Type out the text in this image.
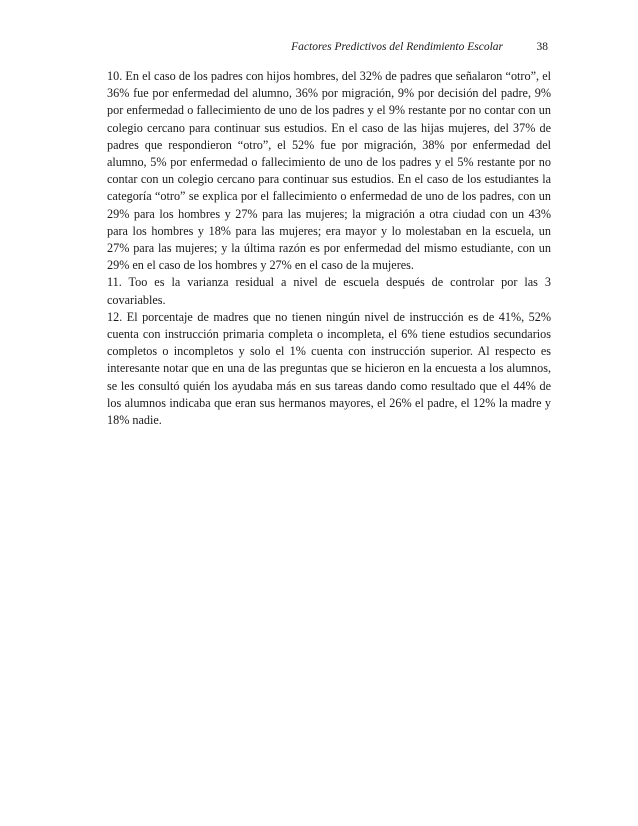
Factores Predictivos del Rendimiento Escolar	38

10. En el caso de los padres con hijos hombres, del 32% de padres que señalaron “otro”, el 36% fue por enfermedad del alumno, 36% por migración, 9% por decisión del padre, 9% por enfermedad o fallecimiento de uno de los padres y el 9% restante por no contar con un colegio cercano para continuar sus estudios. En el caso de las hijas mujeres, del 37% de padres que respondieron “otro”, el 52% fue por migración, 38% por enfermedad del alumno, 5% por enfermedad o fallecimiento de uno de los padres y el 5% restante por no contar con un colegio cercano para continuar sus estudios. En el caso de los estudiantes la categoría “otro” se explica por el fallecimiento o enfermedad de uno de los padres, con un 29% para los hombres y 27% para las mujeres; la migración a otra ciudad con un 43% para los hombres y 18% para las mujeres; era mayor y lo molestaban en la escuela, un 27% para las mujeres; y la última razón es por enfermedad del mismo estudiante, con un 29% en el caso de los hombres y 27% en el caso de la mujeres.

11. Too es la varianza residual a nivel de escuela después de controlar por las 3 covariables.

12. El porcentaje de madres que no tienen ningún nivel de instrucción es de 41%, 52% cuenta con instrucción primaria completa o incompleta, el 6% tiene estudios secundarios completos o incompletos y solo el 1% cuenta con instrucción superior. Al respecto es interesante notar que en una de las preguntas que se hicieron en la encuesta a los alumnos, se les consultó quién los ayudaba más en sus tareas dando como resultado que el 44% de los alumnos indicaba que eran sus hermanos mayores, el 26% el padre, el 12% la madre y 18% nadie.
